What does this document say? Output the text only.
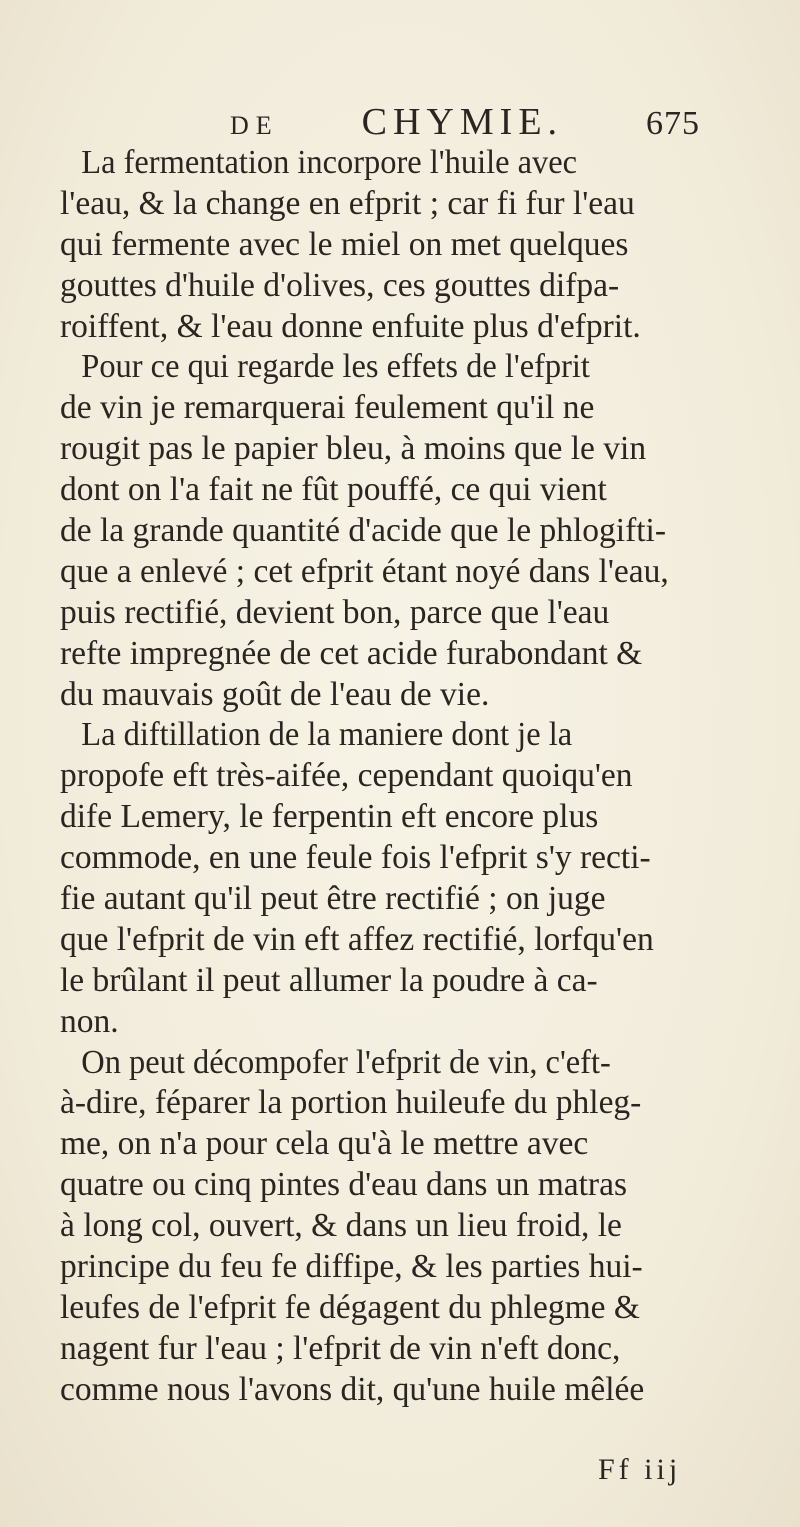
DE CHYMIE. 675
La fermentation incorpore l'huile avec
l'eau, & la change en efprit ; car fi fur l'eau
qui fermente avec le miel on met quelques
gouttes d'huile d'olives, ces gouttes difpa-
roiffent, & l'eau donne enfuite plus d'efprit.
Pour ce qui regarde les effets de l'efprit
de vin je remarquerai feulement qu'il ne
rougit pas le papier bleu, à moins que le vin
dont on l'a fait ne fût pouffé, ce qui vient
de la grande quantité d'acide que le phlogifti-
que a enlevé ; cet efprit étant noyé dans l'eau,
puis rectifié, devient bon, parce que l'eau
refte impregnée de cet acide furabondant &
du mauvais goût de l'eau de vie.
La diftillation de la maniere dont je la
propofe eft très-aifée, cependant quoiqu'en
dife Lemery, le ferpentin eft encore plus
commode, en une feule fois l'efprit s'y recti-
fie autant qu'il peut être rectifié ; on juge
que l'efprit de vin eft affez rectifié, lorfqu'en
le brûlant il peut allumer la poudre à ca-
non.
On peut décompofer l'efprit de vin, c'eft-
à-dire, féparer la portion huileufe du phleg-
me, on n'a pour cela qu'à le mettre avec
quatre ou cinq pintes d'eau dans un matras
à long col, ouvert, & dans un lieu froid, le
principe du feu fe diffipe, & les parties hui-
leufes de l'efprit fe dégagent du phlegme &
nagent fur l'eau ; l'efprit de vin n'eft donc,
comme nous l'avons dit, qu'une huile mêlée
Ff iij
